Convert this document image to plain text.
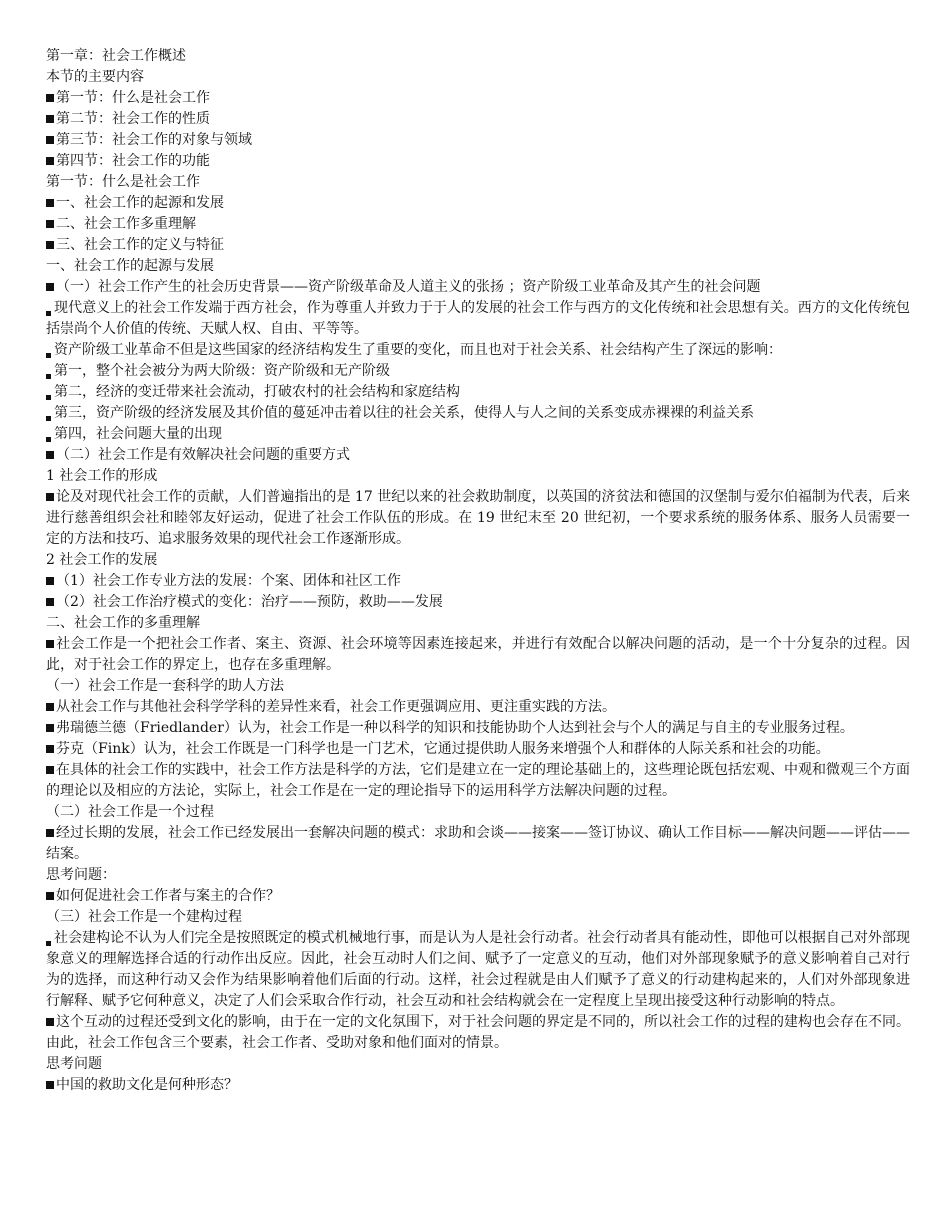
第一章：社会工作概述
本节的主要内容
第一节：什么是社会工作
第二节：社会工作的性质
第三节：社会工作的对象与领域
第四节：社会工作的功能
第一节：什么是社会工作
一、社会工作的起源和发展
二、社会工作多重理解
三、社会工作的定义与特征
一、社会工作的起源与发展
（一）社会工作产生的社会历史背景——资产阶级革命及人道主义的张扬 ；资产阶级工业革命及其产生的社会问题
现代意义上的社会工作发端于西方社会，作为尊重人并致力于于人的发展的社会工作与西方的文化传统和社会思想有关。西方的文化传统包括崇尚个人价值的传统、天赋人权、自由、平等等。
资产阶级工业革命不但是这些国家的经济结构发生了重要的变化，而且也对于社会关系、社会结构产生了深远的影响：
第一，整个社会被分为两大阶级：资产阶级和无产阶级
第二，经济的变迁带来社会流动，打破农村的社会结构和家庭结构
第三，资产阶级的经济发展及其价值的蔓延冲击着以往的社会关系，使得人与人之间的关系变成赤裸裸的利益关系
第四，社会问题大量的出现
（二）社会工作是有效解决社会问题的重要方式
1 社会工作的形成
论及对现代社会工作的贡献，人们普遍指出的是 17 世纪以来的社会救助制度，以英国的济贫法和德国的汉堡制与爱尔伯福制为代表，后来进行慈善组织会社和睦邻友好运动，促进了社会工作队伍的形成。在 19 世纪末至 20 世纪初，一个要求系统的服务体系、服务人员需要一定的方法和技巧、追求服务效果的现代社会工作逐渐形成。
2 社会工作的发展
（1）社会工作专业方法的发展：个案、团体和社区工作
（2）社会工作治疗模式的变化：治疗——预防，救助——发展
二、社会工作的多重理解
社会工作是一个把社会工作者、案主、资源、社会环境等因素连接起来，并进行有效配合以解决问题的活动，是一个十分复杂的过程。因此，对于社会工作的界定上，也存在多重理解。
（一）社会工作是一套科学的助人方法
从社会工作与其他社会科学学科的差异性来看，社会工作更强调应用、更注重实践的方法。
弗瑞德兰德（Friedlander）认为，社会工作是一种以科学的知识和技能协助个人达到社会与个人的满足与自主的专业服务过程。
芬克（Fink）认为，社会工作既是一门科学也是一门艺术，它通过提供助人服务来增强个人和群体的人际关系和社会的功能。
在具体的社会工作的实践中，社会工作方法是科学的方法，它们是建立在一定的理论基础上的，这些理论既包括宏观、中观和微观三个方面的理论以及相应的方法论，实际上，社会工作是在一定的理论指导下的运用科学方法解决问题的过程。
（二）社会工作是一个过程
经过长期的发展，社会工作已经发展出一套解决问题的模式：求助和会谈——接案——签订协议、确认工作目标——解决问题——评估——结案。
思考问题：
如何促进社会工作者与案主的合作？
（三）社会工作是一个建构过程
社会建构论不认为人们完全是按照既定的模式机械地行事，而是认为人是社会行动者。社会行动者具有能动性，即他可以根据自己对外部现象意义的理解选择合适的行动作出反应。因此，社会互动时人们之间、赋予了一定意义的互动，他们对外部现象赋予的意义影响着自己对行为的选择，而这种行动又会作为结果影响着他们后面的行动。这样，社会过程就是由人们赋予了意义的行动建构起来的，人们对外部现象进行解释、赋予它何种意义，决定了人们会采取合作行动，社会互动和社会结构就会在一定程度上呈现出接受这种行动影响的特点。
这个互动的过程还受到文化的影响，由于在一定的文化氛围下，对于社会问题的界定是不同的，所以社会工作的过程的建构也会存在不同。由此，社会工作包含三个要素，社会工作者、受助对象和他们面对的情景。
思考问题
中国的救助文化是何种形态？
